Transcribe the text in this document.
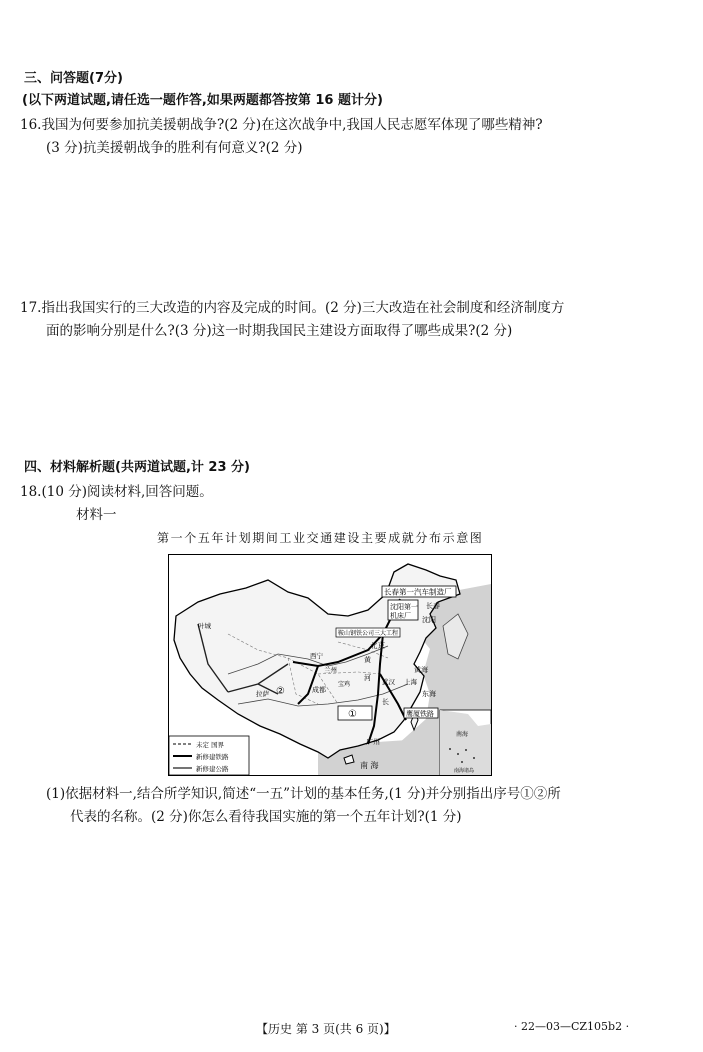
三、问答题(7分)
(以下两道试题,请任选一题作答,如果两题都答按第 16 题计分)
16.我国为何要参加抗美援朝战争?(2 分)在这次战争中,我国人民志愿军体现了哪些精神?
(3 分)抗美援朝战争的胜利有何意义?(2 分)
17.指出我国实行的三大改造的内容及完成的时间。(2 分)三大改造在社会制度和经济制度方
面的影响分别是什么?(3 分)这一时期我国民主建设方面取得了哪些成果?(2 分)
四、材料解析题(共两道试题,计 23 分)
18.(10 分)阅读材料,回答问题。
材料一
第一个五年计划期间工业交通建设主要成就分布示意图
长春第一汽车制造厂
长春
沈阳第一
机床厂 沈阳
鞍山钢铁公司三大工程
北京
黄
河
黄海
东海
上海
武汉
鹰厦铁路
广州
南 海
西宁
兰州
宝鸡
成都
拉萨
叶城
②
①
长
南海
南海诸岛
未定 国界
新修建铁路
新修建公路
(1)依据材料一,结合所学知识,简述“一五”计划的基本任务,(1 分)并分别指出序号①②所
代表的名称。(2 分)你怎么看待我国实施的第一个五年计划?(1 分)
【历史 第 3 页(共 6 页)】	· 22—03—CZ105b2 ·
